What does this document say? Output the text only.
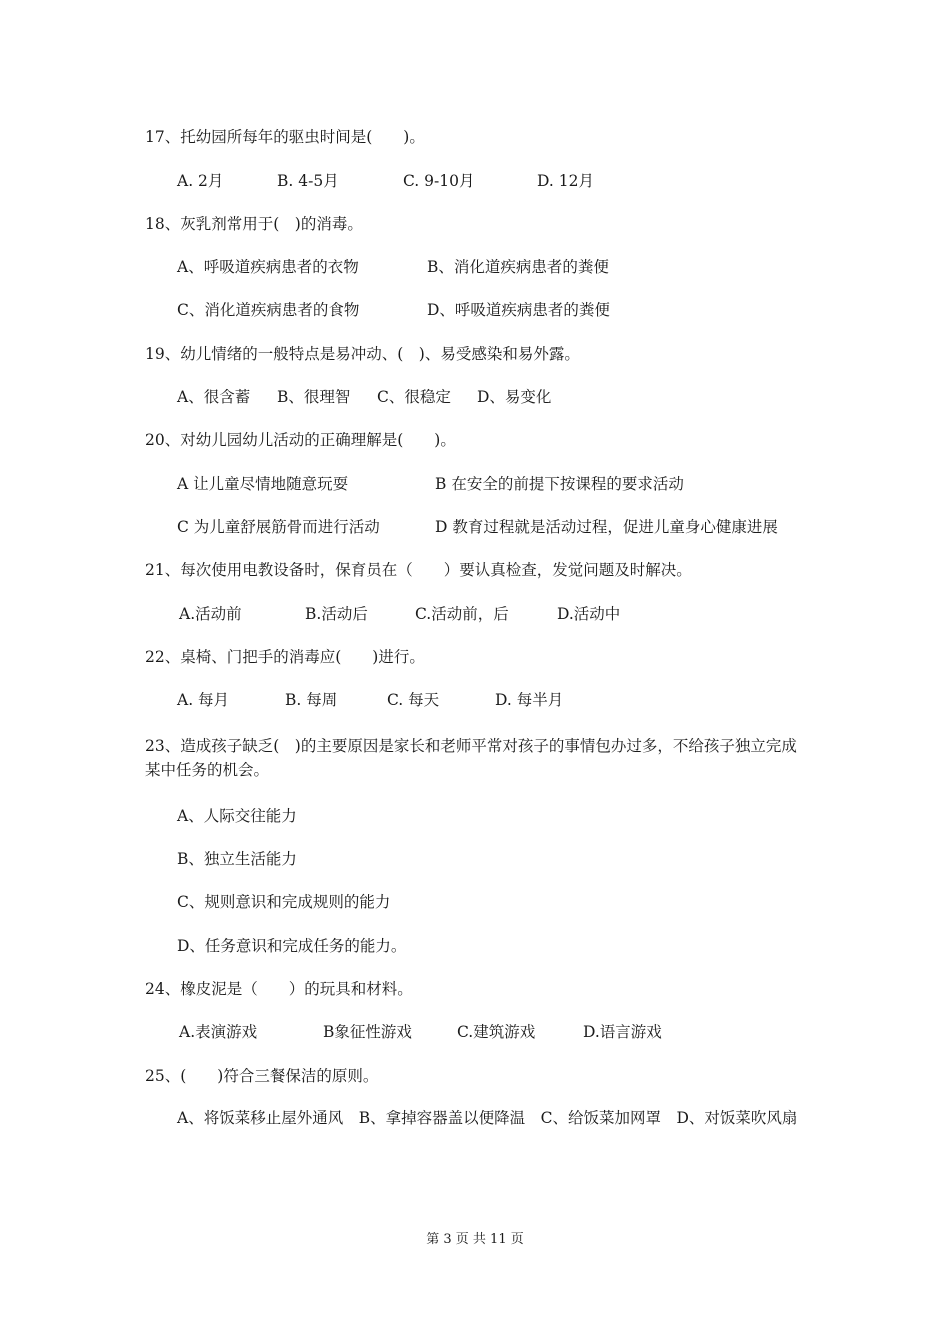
17、托幼园所每年的驱虫时间是(　　)。
A. 2月	B. 4-5月	C. 9-10月	D. 12月
18、灰乳剂常用于(　)的消毒。
A、呼吸道疾病患者的衣物	B、消化道疾病患者的粪便
C、消化道疾病患者的食物	D、呼吸道疾病患者的粪便
19、幼儿情绪的一般特点是易冲动、(　)、易受感染和易外露。
A、很含蓄 B、很理智 C、很稳定 D、易变化
20、对幼儿园幼儿活动的正确理解是(　　)。
A 让儿童尽情地随意玩耍	B 在安全的前提下按课程的要求活动
C 为儿童舒展筋骨而进行活动	D 教育过程就是活动过程，促进儿童身心健康进展
21、每次使用电教设备时，保育员在（　　）要认真检查，发觉问题及时解决。
A.活动前	B.活动后	C.活动前，后	D.活动中
22、桌椅、门把手的消毒应(　　)进行。
A. 每月	B. 每周	C. 每天	D. 每半月
23、造成孩子缺乏(　)的主要原因是家长和老师平常对孩子的事情包办过多，不给孩子独立完成某中任务的机会。
A、人际交往能力
B、独立生活能力
C、规则意识和完成规则的能力
D、任务意识和完成任务的能力。
24、橡皮泥是（　　）的玩具和材料。
A.表演游戏	B象征性游戏	C.建筑游戏	D.语言游戏
25、(　　)符合三餐保洁的原则。
A、将饭菜移止屋外通风　B、拿掉容器盖以便降温　C、给饭菜加网罩　D、对饭菜吹风扇
第 3 页 共 11 页
